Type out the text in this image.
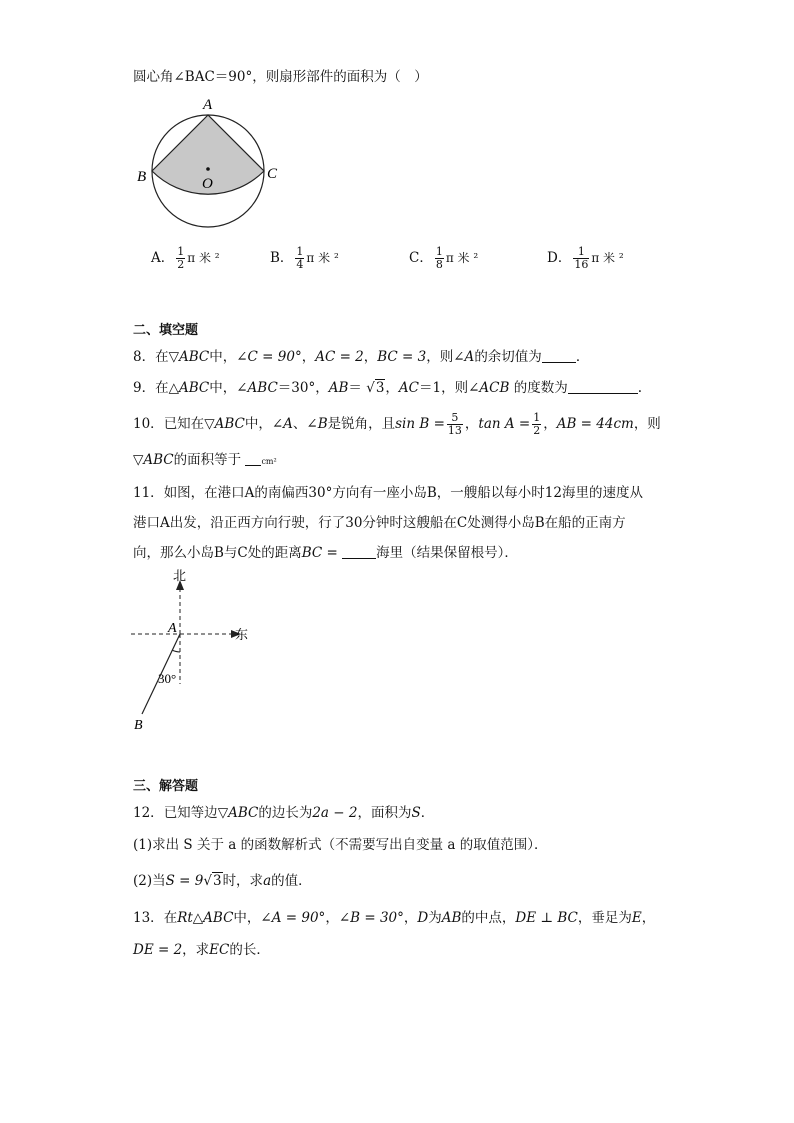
圆心角∠BAC＝90°，则扇形部件的面积为（　）
A
B	C
O
A． $\frac{1}{2}$ π 米 ²	B． $\frac{1}{4}$ π 米 ²	C． $\frac{1}{8}$ π 米 ²	D． $\frac{1}{16}$ π 米 ²
二、填空题
8．在▽ABC中，∠C = 90°，AC = 2，BC = 3，则∠A的余切值为	．
9．在△ABC中，∠ABC＝30°，AB＝ √3，AC＝1，则∠ACB 的度数为	.
10．已知在▽ABC中，∠A、∠B是锐角，且$\sin B = \frac{5}{13}$ ，$\tan A = \frac{1}{2}$ ，AB = 44cm，则
▽ABC的面积等于	cm²
11．如图，在港口A的南偏西30°方向有一座小岛B，一艘船以每小时12海里的速度从
港口A出发，沿正西方向行驶，行了30分钟时这艘船在C处测得小岛B在船的正南方
向，那么小岛B与C处的距离BC =	海里（结果保留根号）．
北
东
A
30°
B
三、解答题
12．已知等边▽ABC的边长为2a − 2，面积为S．
(1)求出 S 关于 a 的函数解析式（不需要写出自变量 a 的取值范围）．
(2)当S = 9√3时，求a的值．
13．在Rt△ABC中，∠A = 90°，∠B = 30°，D为AB的中点，DE ⊥ BC，垂足为E，
DE = 2，求EC的长．
